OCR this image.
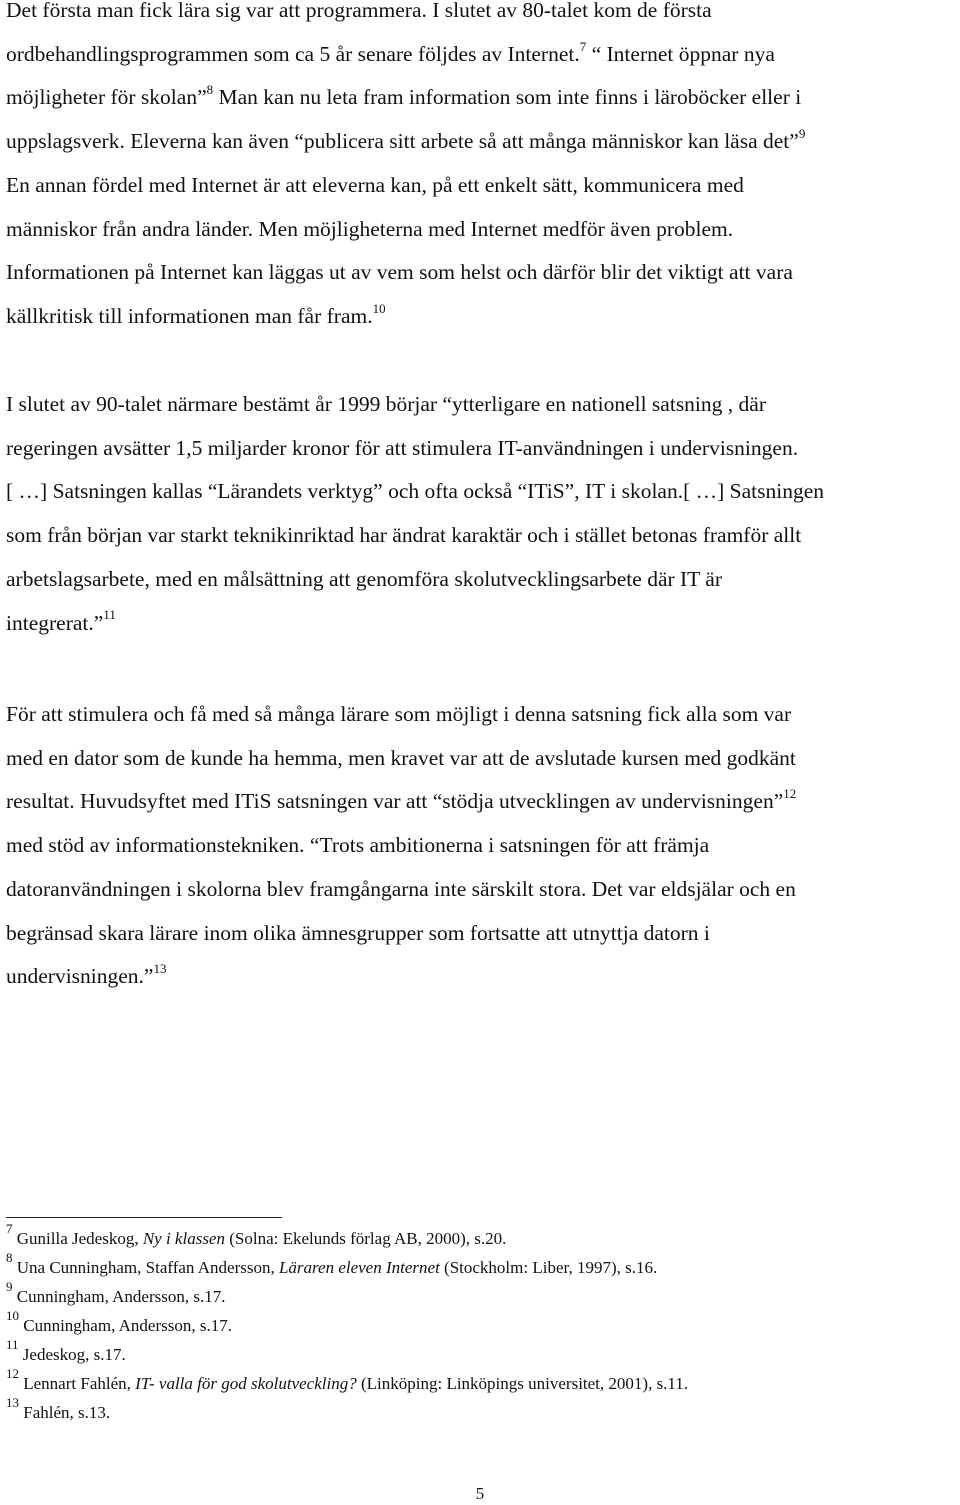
Det första man fick lära sig var att programmera. I slutet av 80-talet kom de första
ordbehandlingsprogrammen som ca 5 år senare följdes av Internet.$^7$ “ Internet öppnar nya
möjligheter för skolan”$^8$ Man kan nu leta fram information som inte finns i läroböcker eller i
uppslagsverk. Eleverna kan även “publicera sitt arbete så att många människor kan läsa det”$^9$
En annan fördel med Internet är att eleverna kan, på ett enkelt sätt, kommunicera med
människor från andra länder. Men möjligheterna med Internet medför även problem.
Informationen på Internet kan läggas ut av vem som helst och därför blir det viktigt att vara
källkritisk till informationen man får fram.$^{10}$
I slutet av 90-talet närmare bestämt år 1999 börjar “ytterligare en nationell satsning , där
regeringen avsätter 1,5 miljarder kronor för att stimulera IT-användningen i undervisningen.
[ …] Satsningen kallas “Lärandets verktyg” och ofta också “ITiS”, IT i skolan.[ …] Satsningen
som från början var starkt teknikinriktad har ändrat karaktär och i stället betonas framför allt
arbetslagsarbete, med en målsättning att genomföra skolutvecklingsarbete där IT är
integrerat.”$^{11}$
För att stimulera och få med så många lärare som möjligt i denna satsning fick alla som var
med en dator som de kunde ha hemma, men kravet var att de avslutade kursen med godkänt
resultat. Huvudsyftet med ITiS satsningen var att “stödja utvecklingen av undervisningen”$^{12}$
med stöd av informationstekniken. “Trots ambitionerna i satsningen för att främja
datoranvändningen i skolorna blev framgångarna inte särskilt stora. Det var eldsjälar och en
begränsad skara lärare inom olika ämnesgrupper som fortsatte att utnyttja datorn i
undervisningen.”$^{13}$
$^7$ Gunilla Jedeskog, Ny i klassen (Solna: Ekelunds förlag AB, 2000), s.20.
$^8$ Una Cunningham, Staffan Andersson, Läraren eleven Internet (Stockholm: Liber, 1997), s.16.
$^9$ Cunningham, Andersson, s.17.
$^{10}$ Cunningham, Andersson, s.17.
$^{11}$ Jedeskog, s.17.
$^{12}$ Lennart Fahlén, IT- valla för god skolutveckling? (Linköping: Linköpings universitet, 2001), s.11.
$^{13}$ Fahlén, s.13.
5
